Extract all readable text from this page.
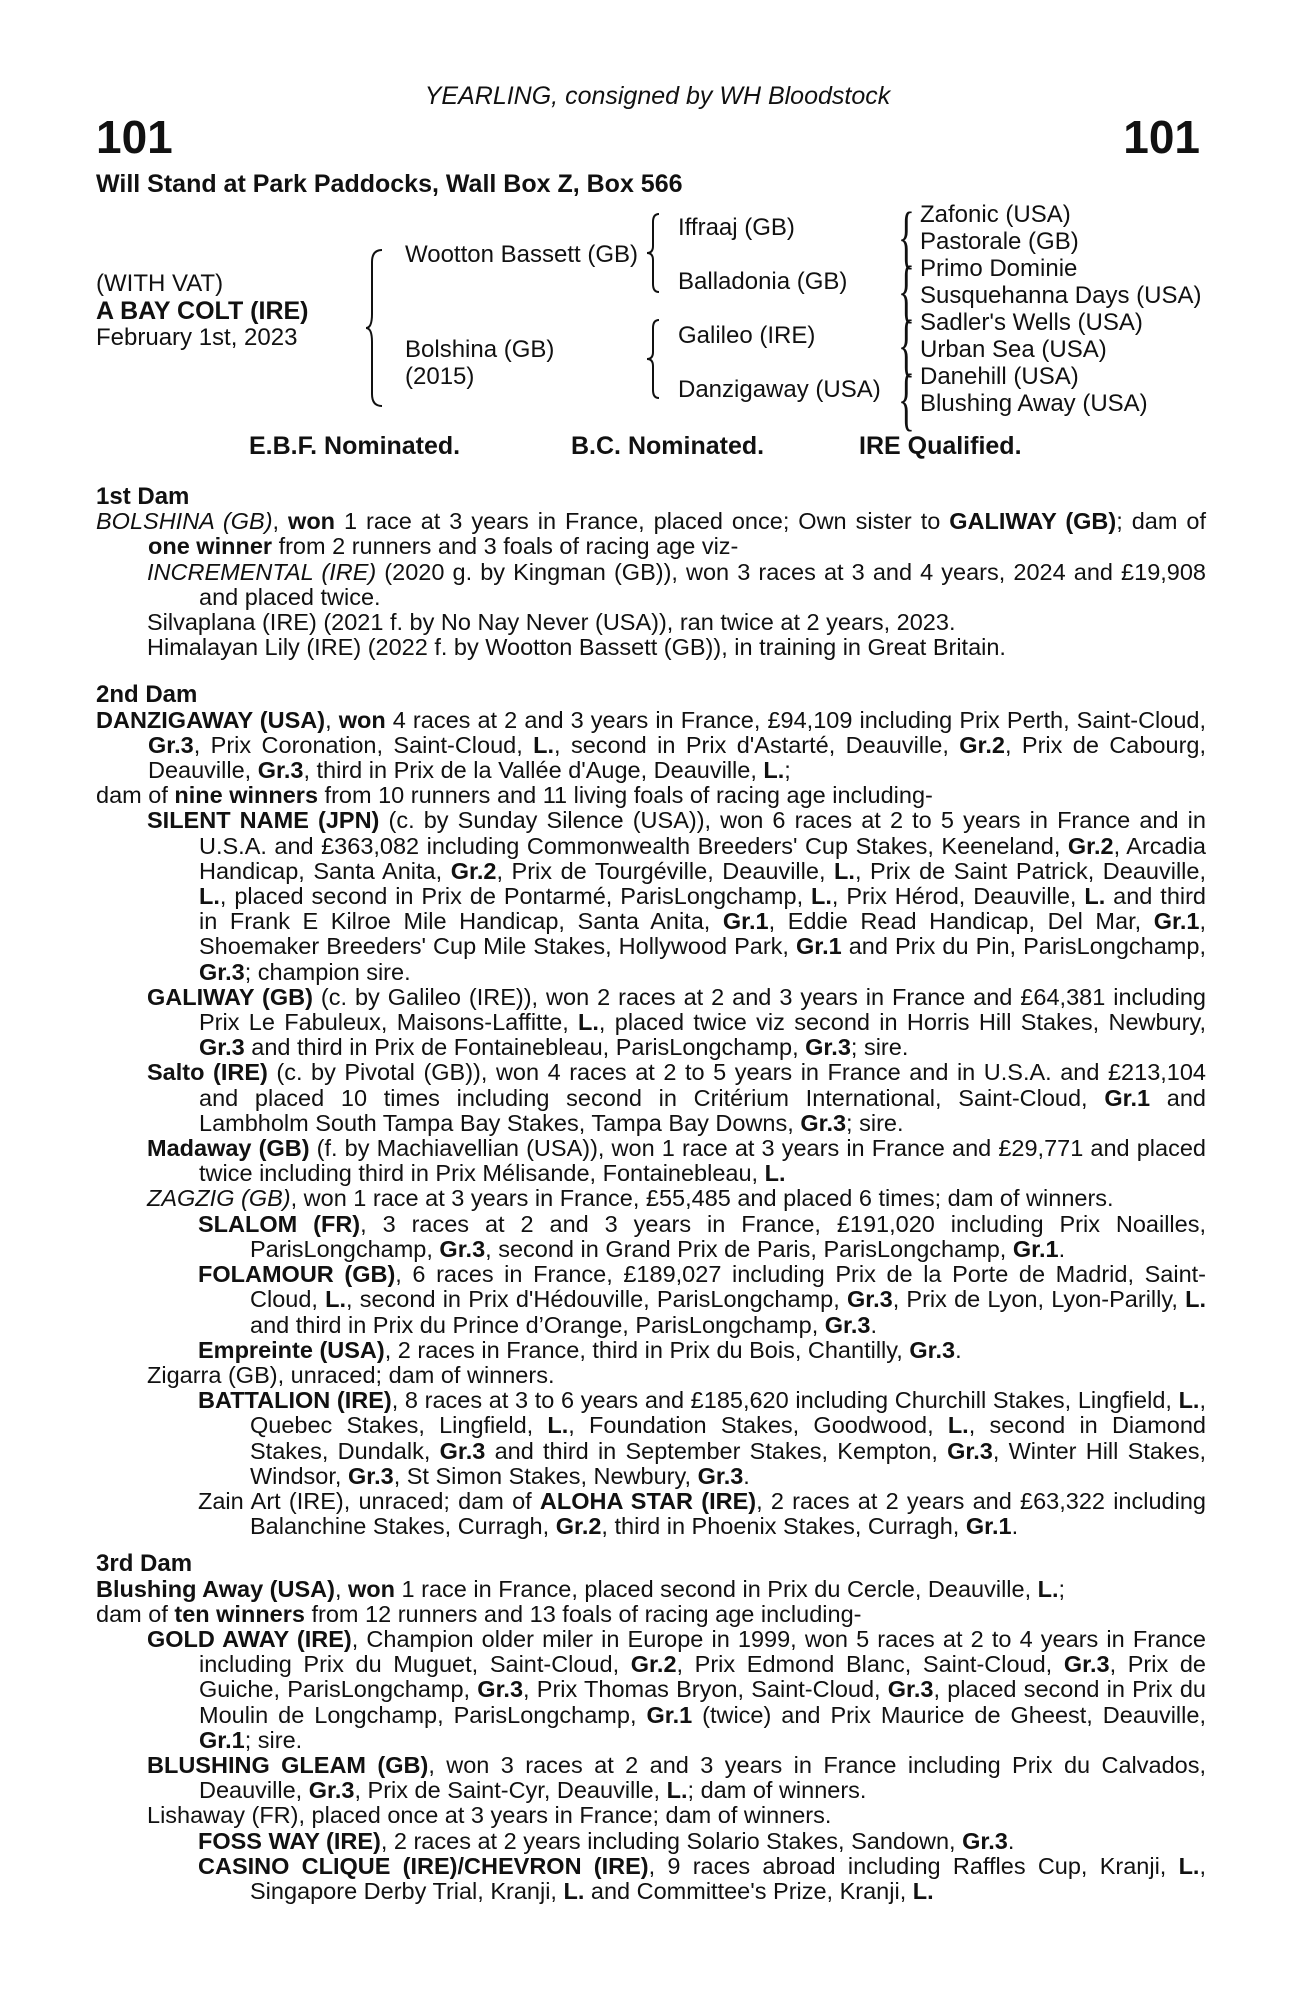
YEARLING, consigned by WH Bloodstock
101	101
Will Stand at Park Paddocks, Wall Box Z, Box 566
(WITH VAT)
A BAY COLT (IRE)
February 1st, 2023
Wootton Bassett (GB)
Bolshina (GB)
(2015)
Iffraaj (GB)
Balladonia (GB)
Galileo (IRE)
Danzigaway (USA)
{
{
{
{
Zafonic (USA)
Pastorale (GB)
Primo Dominie
Susquehanna Days (USA)
Sadler's Wells (USA)
Urban Sea (USA)
Danehill (USA)
Blushing Away (USA)
E.B.F. Nominated.	B.C. Nominated.	IRE Qualified.

1st Dam

BOLSHINA (GB), won 1 race at 3 years in France, placed once; Own sister to GALIWAY (GB); dam of one winner from 2 runners and 3 foals of racing age viz-

INCREMENTAL (IRE) (2020 g. by Kingman (GB)), won 3 races at 3 and 4 years, 2024 and £19,908 and placed twice.

Silvaplana (IRE) (2021 f. by No Nay Never (USA)), ran twice at 2 years, 2023.

Himalayan Lily (IRE) (2022 f. by Wootton Bassett (GB)), in training in Great Britain.

2nd Dam

DANZIGAWAY (USA), won 4 races at 2 and 3 years in France, £94,109 including Prix Perth, Saint-Cloud, Gr.3, Prix Coronation, Saint-Cloud, L., second in Prix d'Astarté, Deauville, Gr.2, Prix de Cabourg, Deauville, Gr.3, third in Prix de la Vallée d'Auge, Deauville, L.;

dam of nine winners from 10 runners and 11 living foals of racing age including-

SILENT NAME (JPN) (c. by Sunday Silence (USA)), won 6 races at 2 to 5 years in France and in U.S.A. and £363,082 including Commonwealth Breeders' Cup Stakes, Keeneland, Gr.2, Arcadia Handicap, Santa Anita, Gr.2, Prix de Tourgéville, Deauville, L., Prix de Saint Patrick, Deauville, L., placed second in Prix de Pontarmé, ParisLongchamp, L., Prix Hérod, Deauville, L. and third in Frank E Kilroe Mile Handicap, Santa Anita, Gr.1, Eddie Read Handicap, Del Mar, Gr.1, Shoemaker Breeders' Cup Mile Stakes, Hollywood Park, Gr.1 and Prix du Pin, ParisLongchamp, Gr.3; champion sire.

GALIWAY (GB) (c. by Galileo (IRE)), won 2 races at 2 and 3 years in France and £64,381 including Prix Le Fabuleux, Maisons-Laffitte, L., placed twice viz second in Horris Hill Stakes, Newbury, Gr.3 and third in Prix de Fontainebleau, ParisLongchamp, Gr.3; sire.

Salto (IRE) (c. by Pivotal (GB)), won 4 races at 2 to 5 years in France and in U.S.A. and £213,104 and placed 10 times including second in Critérium International, Saint-Cloud, Gr.1 and Lambholm South Tampa Bay Stakes, Tampa Bay Downs, Gr.3; sire.

Madaway (GB) (f. by Machiavellian (USA)), won 1 race at 3 years in France and £29,771 and placed twice including third in Prix Mélisande, Fontainebleau, L.

ZAGZIG (GB), won 1 race at 3 years in France, £55,485 and placed 6 times; dam of winners.

SLALOM (FR), 3 races at 2 and 3 years in France, £191,020 including Prix Noailles, ParisLongchamp, Gr.3, second in Grand Prix de Paris, ParisLongchamp, Gr.1.

FOLAMOUR (GB), 6 races in France, £189,027 including Prix de la Porte de Madrid, Saint-Cloud, L., second in Prix d'Hédouville, ParisLongchamp, Gr.3, Prix de Lyon, Lyon-Parilly, L. and third in Prix du Prince d’Orange, ParisLongchamp, Gr.3.

Empreinte (USA), 2 races in France, third in Prix du Bois, Chantilly, Gr.3.

Zigarra (GB), unraced; dam of winners.

BATTALION (IRE), 8 races at 3 to 6 years and £185,620 including Churchill Stakes, Lingfield, L., Quebec Stakes, Lingfield, L., Foundation Stakes, Goodwood, L., second in Diamond Stakes, Dundalk, Gr.3 and third in September Stakes, Kempton, Gr.3, Winter Hill Stakes, Windsor, Gr.3, St Simon Stakes, Newbury, Gr.3.

Zain Art (IRE), unraced; dam of ALOHA STAR (IRE), 2 races at 2 years and £63,322 including Balanchine Stakes, Curragh, Gr.2, third in Phoenix Stakes, Curragh, Gr.1.

3rd Dam

Blushing Away (USA), won 1 race in France, placed second in Prix du Cercle, Deauville, L.;

dam of ten winners from 12 runners and 13 foals of racing age including-

GOLD AWAY (IRE), Champion older miler in Europe in 1999, won 5 races at 2 to 4 years in France including Prix du Muguet, Saint-Cloud, Gr.2, Prix Edmond Blanc, Saint-Cloud, Gr.3, Prix de Guiche, ParisLongchamp, Gr.3, Prix Thomas Bryon, Saint-Cloud, Gr.3, placed second in Prix du Moulin de Longchamp, ParisLongchamp, Gr.1 (twice) and Prix Maurice de Gheest, Deauville, Gr.1; sire.

BLUSHING GLEAM (GB), won 3 races at 2 and 3 years in France including Prix du Calvados, Deauville, Gr.3, Prix de Saint-Cyr, Deauville, L.; dam of winners.

Lishaway (FR), placed once at 3 years in France; dam of winners.

FOSS WAY (IRE), 2 races at 2 years including Solario Stakes, Sandown, Gr.3.

CASINO CLIQUE (IRE)/CHEVRON (IRE), 9 races abroad including Raffles Cup, Kranji, L., Singapore Derby Trial, Kranji, L. and Committee's Prize, Kranji, L.
